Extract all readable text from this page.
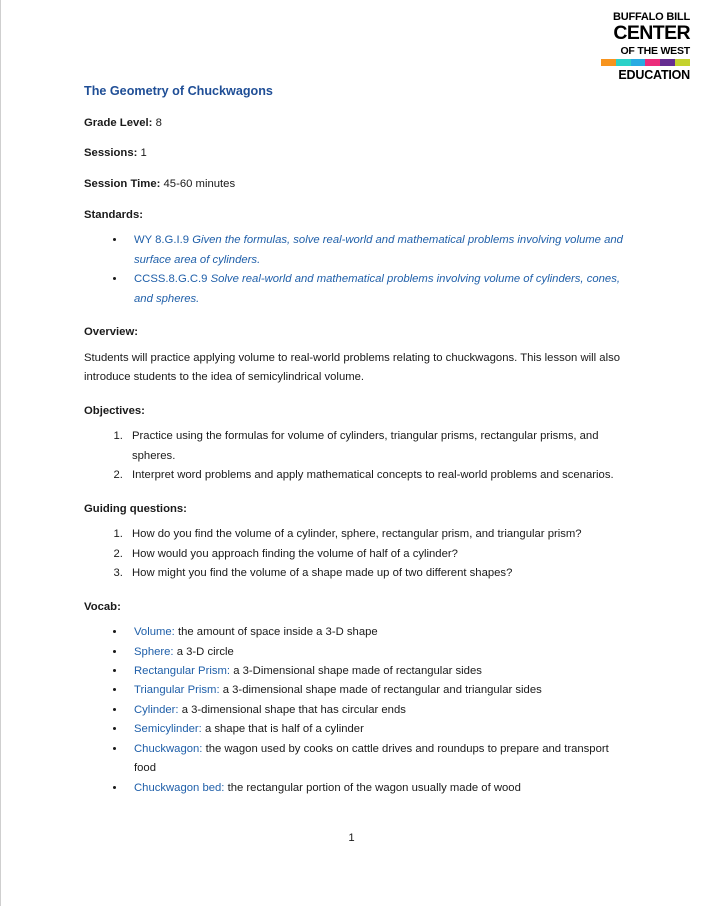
BUFFALO BILL
CENTER
OF THE WEST
EDUCATION
The Geometry of Chuckwagons
Grade Level: 8
Sessions: 1
Session Time: 45-60 minutes
Standards:
• WY 8.G.I.9 Given the formulas, solve real-world and mathematical problems involving volume and surface area of cylinders.
• CCSS.8.G.C.9 Solve real-world and mathematical problems involving volume of cylinders, cones, and spheres.
Overview:

Students will practice applying volume to real-world problems relating to chuckwagons. This lesson will also introduce students to the idea of semicylindrical volume.

Objectives:
1. Practice using the formulas for volume of cylinders, triangular prisms, rectangular prisms, and spheres.
2. Interpret word problems and apply mathematical concepts to real-world problems and scenarios.
Guiding questions:
1. How do you find the volume of a cylinder, sphere, rectangular prism, and triangular prism?
2. How would you approach finding the volume of half of a cylinder?
3. How might you find the volume of a shape made up of two different shapes?
Vocab:
• Volume: the amount of space inside a 3-D shape
• Sphere: a 3-D circle
• Rectangular Prism: a 3-Dimensional shape made of rectangular sides
• Triangular Prism: a 3-dimensional shape made of rectangular and triangular sides
• Cylinder: a 3-dimensional shape that has circular ends
• Semicylinder: a shape that is half of a cylinder
• Chuckwagon: the wagon used by cooks on cattle drives and roundups to prepare and transport food
• Chuckwagon bed: the rectangular portion of the wagon usually made of wood
1
